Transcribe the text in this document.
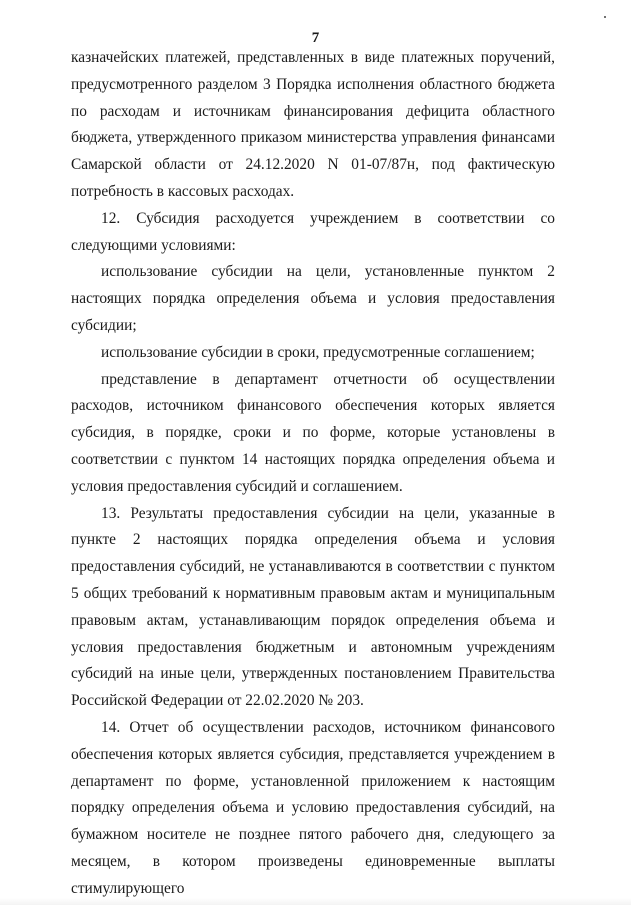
7

казначейских платежей, представленных в виде платежных поручений, предусмотренного разделом 3 Порядка исполнения областного бюджета по расходам и источникам финансирования дефицита областного бюджета, утвержденного приказом министерства управления финансами Самарской области от 24.12.2020 N 01-07/87н, под фактическую потребность в кассовых расходах.

12. Субсидия расходуется учреждением в соответствии со следующими условиями:

использование субсидии на цели, установленные пунктом 2 настоящих порядка определения объема и условия предоставления субсидии;

использование субсидии в сроки, предусмотренные соглашением;

представление в департамент отчетности об осуществлении расходов, источником финансового обеспечения которых является субсидия, в порядке, сроки и по форме, которые установлены в соответствии с пунктом 14 настоящих порядка определения объема и условия предоставления субсидий и соглашением.

13. Результаты предоставления субсидии на цели, указанные в пункте 2 настоящих порядка определения объема и условия предоставления субсидий, не устанавливаются в соответствии с пунктом 5 общих требований к нормативным правовым актам и муниципальным правовым актам, устанавливающим порядок определения объема и условия предоставления бюджетным и автономным учреждениям субсидий на иные цели, утвержденных постановлением Правительства Российской Федерации от 22.02.2020 № 203.

14. Отчет об осуществлении расходов, источником финансового обеспечения которых является субсидия, представляется учреждением в департамент по форме, установленной приложением к настоящим порядку определения объема и условию предоставления субсидий, на бумажном носителе не позднее пятого рабочего дня, следующего за месяцем, в котором произведены единовременные выплаты стимулирующего
